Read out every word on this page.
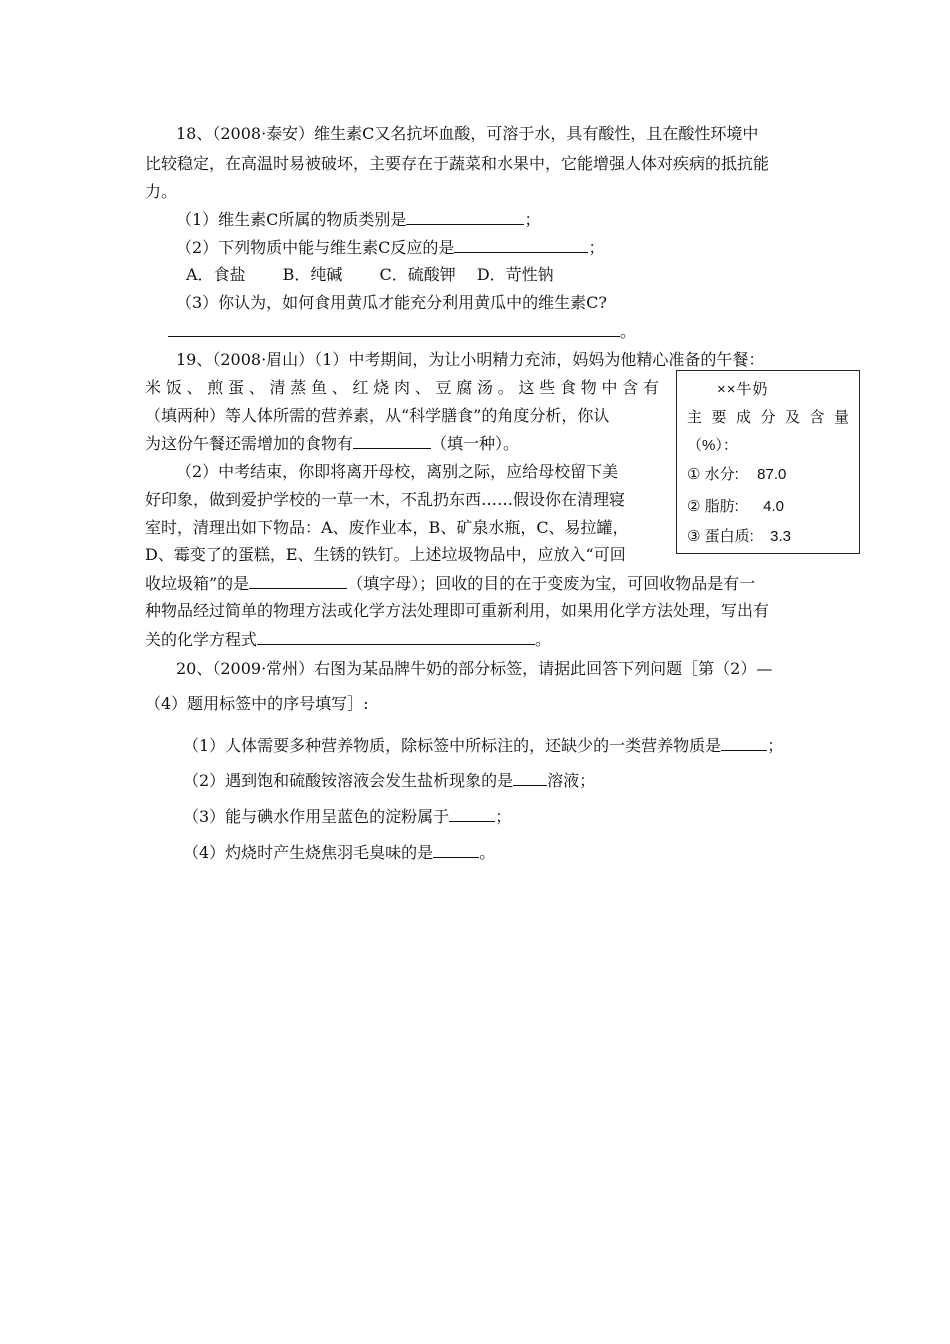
18、（2008·泰安）维生素C又名抗坏血酸，可溶于水，具有酸性，且在酸性环境中
比较稳定，在高温时易被破坏，主要存在于蔬菜和水果中，它能增强人体对疾病的抵抗能
力。
（1）维生素C所属的物质类别是	；
（2）下列物质中能与维生素C反应的是	；
A．食盐　　 B．纯碱　　 C．硫酸钾　 D．苛性钠
（3）你认为，如何食用黄瓜才能充分利用黄瓜中的维生素C?
。
19、（2008·眉山）（1）中考期间，为让小明精力充沛，妈妈为他精心准备的午餐：
米饭、煎蛋、清蒸鱼、红烧肉、豆腐汤。这些食物中含有
（填两种）等人体所需的营养素，从“科学膳食”的角度分析，你认
为这份午餐还需增加的食物有	（填一种）。
（2）中考结束，你即将离开母校，离别之际，应给母校留下美
好印象，做到爱护学校的一草一木，不乱扔东西……假设你在清理寝
室时，清理出如下物品：A、废作业本，B、矿泉水瓶，C、易拉罐，
D、霉变了的蛋糕，E、生锈的铁钉。上述垃圾物品中，应放入“可回
收垃圾箱”的是	（填字母）；回收的目的在于变废为宝，可回收物品是有一
种物品经过简单的物理方法或化学方法处理即可重新利用，如果用化学方法处理，写出有
关的化学方程式	。
××牛奶
主要成分及含量
（%）：
① 水分: 87.0
② 脂肪: 4.0
③ 蛋白质: 3.3
20、（2009·常州）右图为某品牌牛奶的部分标签，请据此回答下列问题［第（2）—
（4）题用标签中的序号填写］:
（1）人体需要多种营养物质，除标签中所标注的，还缺少的一类营养物质是	；
（2）遇到饱和硫酸铵溶液会发生盐析现象的是 溶液；
（3）能与碘水作用呈蓝色的淀粉属于	；
（4）灼烧时产生烧焦羽毛臭味的是	。
